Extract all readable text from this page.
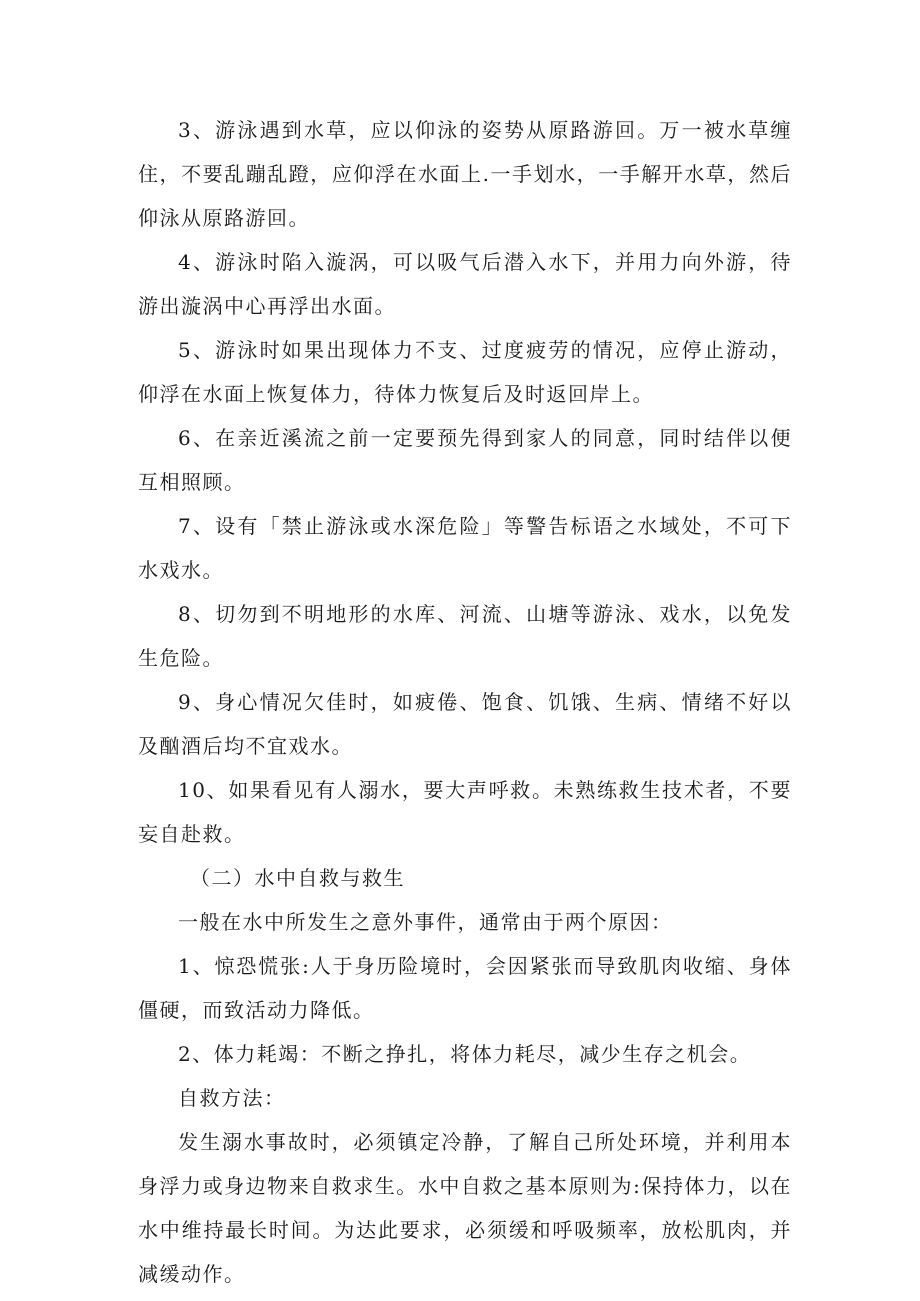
3、游泳遇到水草，应以仰泳的姿势从原路游回。万一被水草缠住，不要乱蹦乱蹬，应仰浮在水面上.一手划水，一手解开水草，然后仰泳从原路游回。

4、游泳时陷入漩涡，可以吸气后潜入水下，并用力向外游，待游出漩涡中心再浮出水面。

5、游泳时如果出现体力不支、过度疲劳的情况，应停止游动，仰浮在水面上恢复体力，待体力恢复后及时返回岸上。

6、在亲近溪流之前一定要预先得到家人的同意，同时结伴以便互相照顾。

7、设有「禁止游泳或水深危险」等警告标语之水域处，不可下水戏水。

8、切勿到不明地形的水库、河流、山塘等游泳、戏水，以免发生危险。

9、身心情况欠佳时，如疲倦、饱食、饥饿、生病、情绪不好以及酗酒后均不宜戏水。

10、如果看见有人溺水，要大声呼救。未熟练救生技术者，不要妄自赴救。

（二）水中自救与救生

一般在水中所发生之意外事件，通常由于两个原因：

1、惊恐慌张:人于身历险境时，会因紧张而导致肌肉收缩、身体僵硬，而致活动力降低。

2、体力耗竭：不断之挣扎，将体力耗尽，减少生存之机会。

自救方法：

发生溺水事故时，必须镇定冷静，了解自己所处环境，并利用本身浮力或身边物来自救求生。水中自救之基本原则为:保持体力，以在水中维持最长时间。为达此要求，必须缓和呼吸频率，放松肌肉，并减缓动作。
